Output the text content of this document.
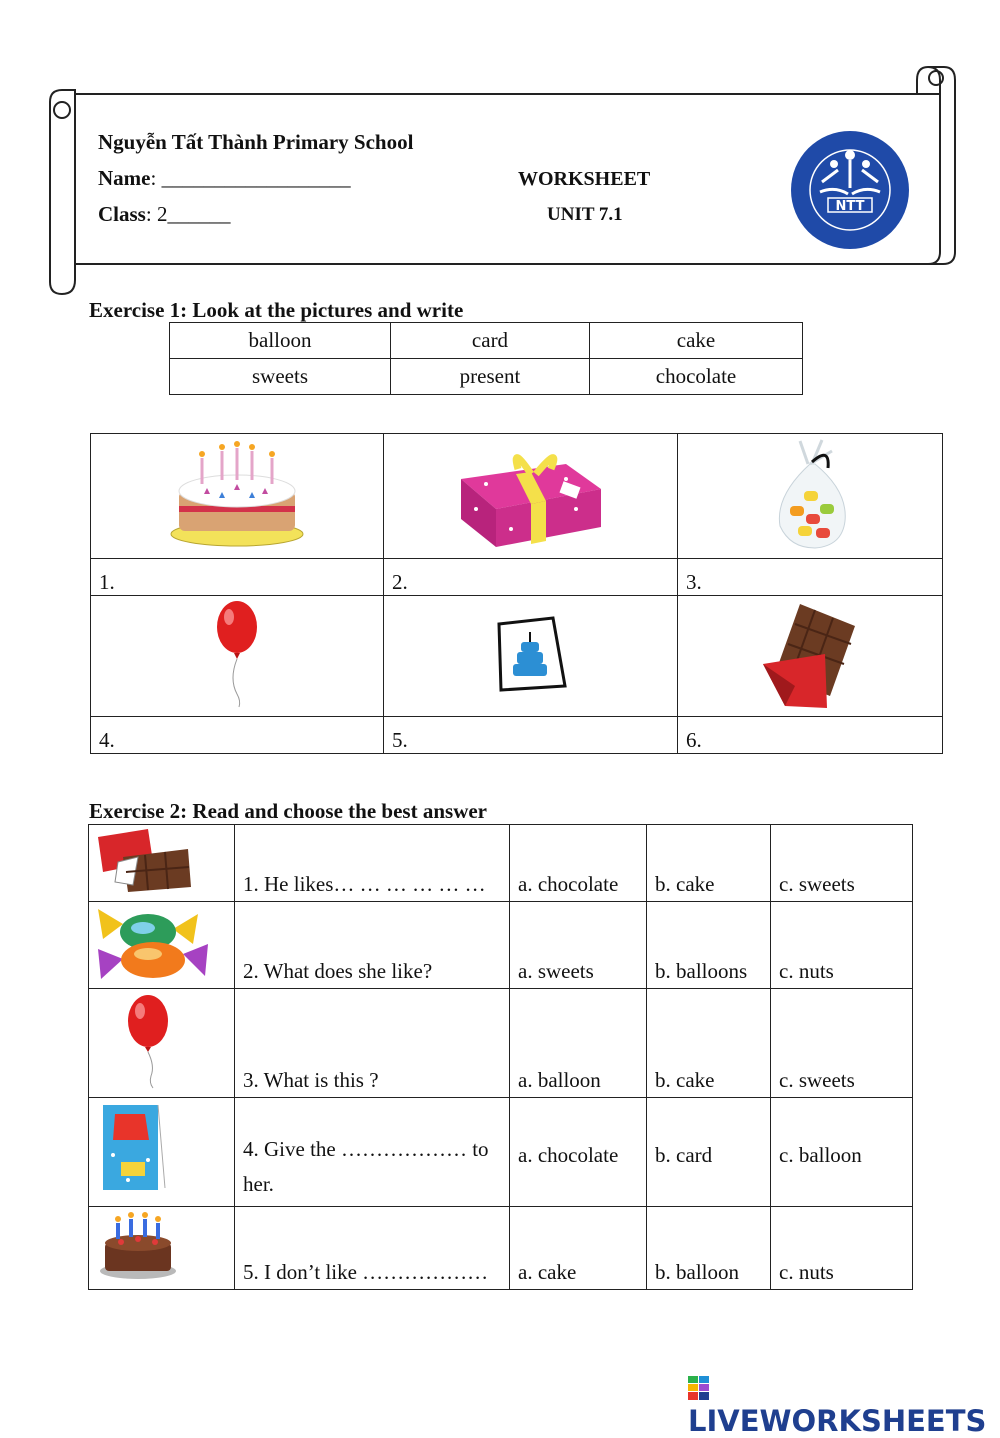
Nguyễn Tất Thành Primary School
Name: __________________
Class: 2______
WORKSHEET
UNIT 7.1	NTT
Exercise 1: Look at the pictures and write
balloon	card	cake
sweets	present	chocolate

1.	2.	3.

4.	5.	6.
Exercise 2: Read and choose the best answer
	1. He likes… … … … … …	a. chocolate	b. cake	c. sweets
	2. What does she like?	a. sweets	b. balloons	c. nuts
	3. What is this ?	a. balloon	b. cake	c. sweets
	4. Give the ……………… to her.	a. chocolate	b. card	c. balloon
	5. I don’t like ………………	a. cake	b. balloon	c. nuts
LIVEWORKSHEETS
